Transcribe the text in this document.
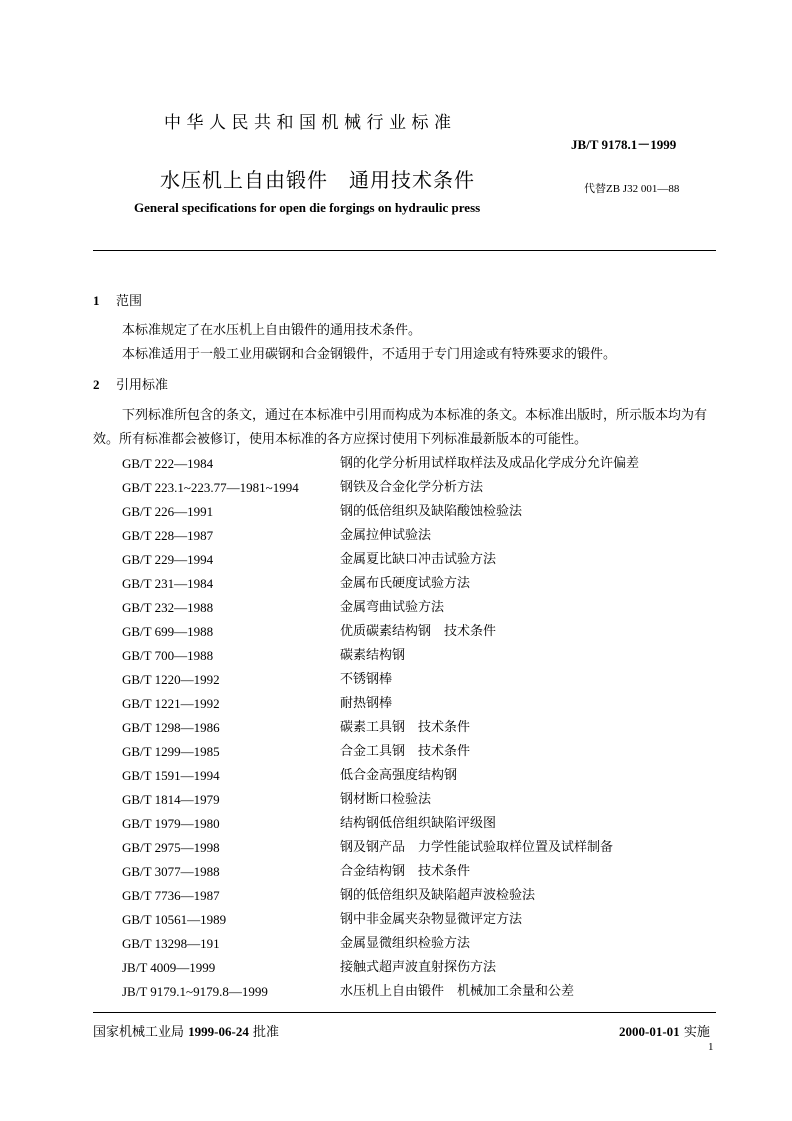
中华人民共和国机械行业标准
JB/T 9178.1－1999
水压机上自由锻件　通用技术条件	代替ZB J32 001—88
General specifications for open die forgings on hydraulic press
1 范围
本标准规定了在水压机上自由锻件的通用技术条件。
本标准适用于一般工业用碳钢和合金钢锻件，不适用于专门用途或有特殊要求的锻件。
2 引用标准
下列标准所包含的条文，通过在本标准中引用而构成为本标准的条文。本标准出版时，所示版本均为有效。所有标准都会被修订，使用本标准的各方应探讨使用下列标准最新版本的可能性。
GB/T 222—1984	钢的化学分析用试样取样法及成品化学成分允许偏差
GB/T 223.1~223.77—1981~1994	钢铁及合金化学分析方法
GB/T 226—1991	钢的低倍组织及缺陷酸蚀检验法
GB/T 228—1987	金属拉伸试验法
GB/T 229—1994	金属夏比缺口冲击试验方法
GB/T 231—1984	金属布氏硬度试验方法
GB/T 232—1988	金属弯曲试验方法
GB/T 699—1988	优质碳素结构钢　技术条件
GB/T 700—1988	碳素结构钢
GB/T 1220—1992	不锈钢棒
GB/T 1221—1992	耐热钢棒
GB/T 1298—1986	碳素工具钢　技术条件
GB/T 1299—1985	合金工具钢　技术条件
GB/T 1591—1994	低合金高强度结构钢
GB/T 1814—1979	钢材断口检验法
GB/T 1979—1980	结构钢低倍组织缺陷评级图
GB/T 2975—1998	钢及钢产品　力学性能试验取样位置及试样制备
GB/T 3077—1988	合金结构钢　技术条件
GB/T 7736—1987	钢的低倍组织及缺陷超声波检验法
GB/T 10561—1989	钢中非金属夹杂物显微评定方法
GB/T 13298—191	金属显微组织检验方法
JB/T 4009—1999	接触式超声波直射探伤方法
JB/T 9179.1~9179.8—1999	水压机上自由锻件　机械加工余量和公差
国家机械工业局 1999-06-24 批准	2000-01-01 实施
1
